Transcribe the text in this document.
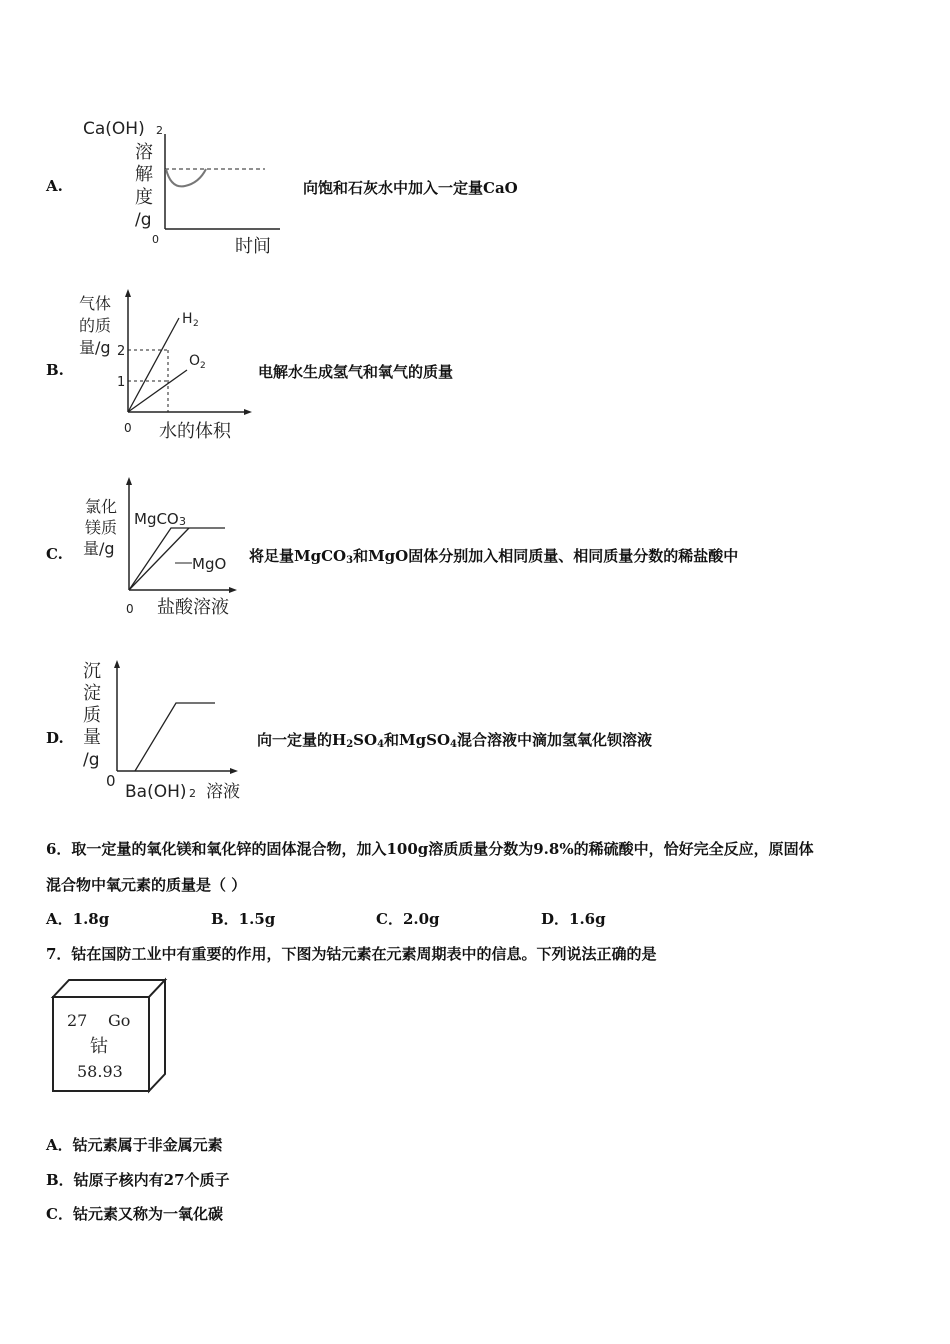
A.
Ca(OH) 2
溶
解
度
/g
0	时间
向饱和石灰水中加入一定量CaO
B.
气体
的质
量/g 2
1
H 2
O 2
0 水的体积
电解水生成氢气和氧气的质量
C.
氯化
镁质
量/g
MgCO 3
MgO
0 盐酸溶液
将足量MgCO$_3$和MgO固体分别加入相同质量、相同质量分数的稀盐酸中
D.
沉
淀
质
量
/g
0
Ba(OH) 2 溶液
向一定量的$H_2SO_4$和MgSO$_4$混合溶液中滴加氢氧化钡溶液
6．取一定量的氧化镁和氧化锌的固体混合物，加入100g溶质质量分数为9.8%的稀硫酸中，恰好完全反应，原固体
混合物中氧元素的质量是（ ）
A．1.8g	B．1.5g	C．2.0g	D．1.6g
7．钴在国防工业中有重要的作用，下图为钴元素在元素周期表中的信息。下列说法正确的是
27 Go
钴
58.93
A．钴元素属于非金属元素
B．钴原子核内有27个质子
C．钴元素又称为一氧化碳
